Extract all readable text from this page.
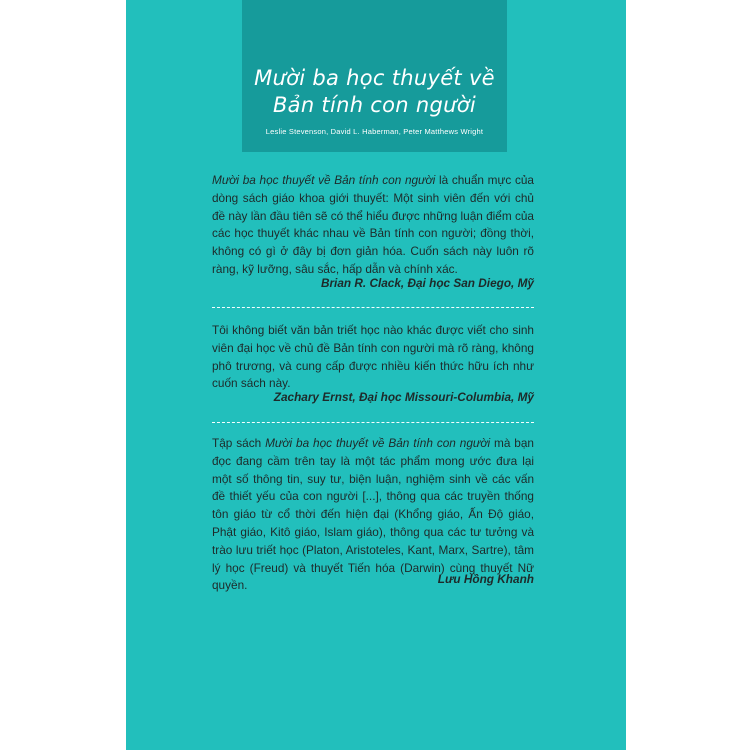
Mười ba học thuyết về
Bản tính con người
Leslie Stevenson, David L. Haberman, Peter Matthews Wright

Mười ba học thuyết về Bản tính con người là chuẩn mực của dòng sách giáo khoa giới thuyết: Một sinh viên đến với chủ đề này lần đầu tiên sẽ có thể hiểu được những luận điểm của các học thuyết khác nhau về Bản tính con người; đồng thời, không có gì ở đây bị đơn giản hóa. Cuốn sách này luôn rõ ràng, kỹ lưỡng, sâu sắc, hấp dẫn và chính xác.

Brian R. Clack, Đại học San Diego, Mỹ

Tôi không biết văn bản triết học nào khác được viết cho sinh viên đại học về chủ đề Bản tính con người mà rõ ràng, không phô trương, và cung cấp được nhiều kiến thức hữu ích như cuốn sách này.

Zachary Ernst, Đại học Missouri-Columbia, Mỹ

Tập sách Mười ba học thuyết về Bản tính con người mà bạn đọc đang cầm trên tay là một tác phẩm mong ước đưa lại một số thông tin, suy tư, biện luận, nghiệm sinh về các vấn đề thiết yếu của con người [...], thông qua các truyền thống tôn giáo từ cổ thời đến hiện đại (Khổng giáo, Ấn Độ giáo, Phật giáo, Kitô giáo, Islam giáo), thông qua các tư tưởng và trào lưu triết học (Platon, Aristoteles, Kant, Marx, Sartre), tâm lý học (Freud) và thuyết Tiến hóa (Darwin) cùng thuyết Nữ quyền.	Lưu Hồng Khanh
